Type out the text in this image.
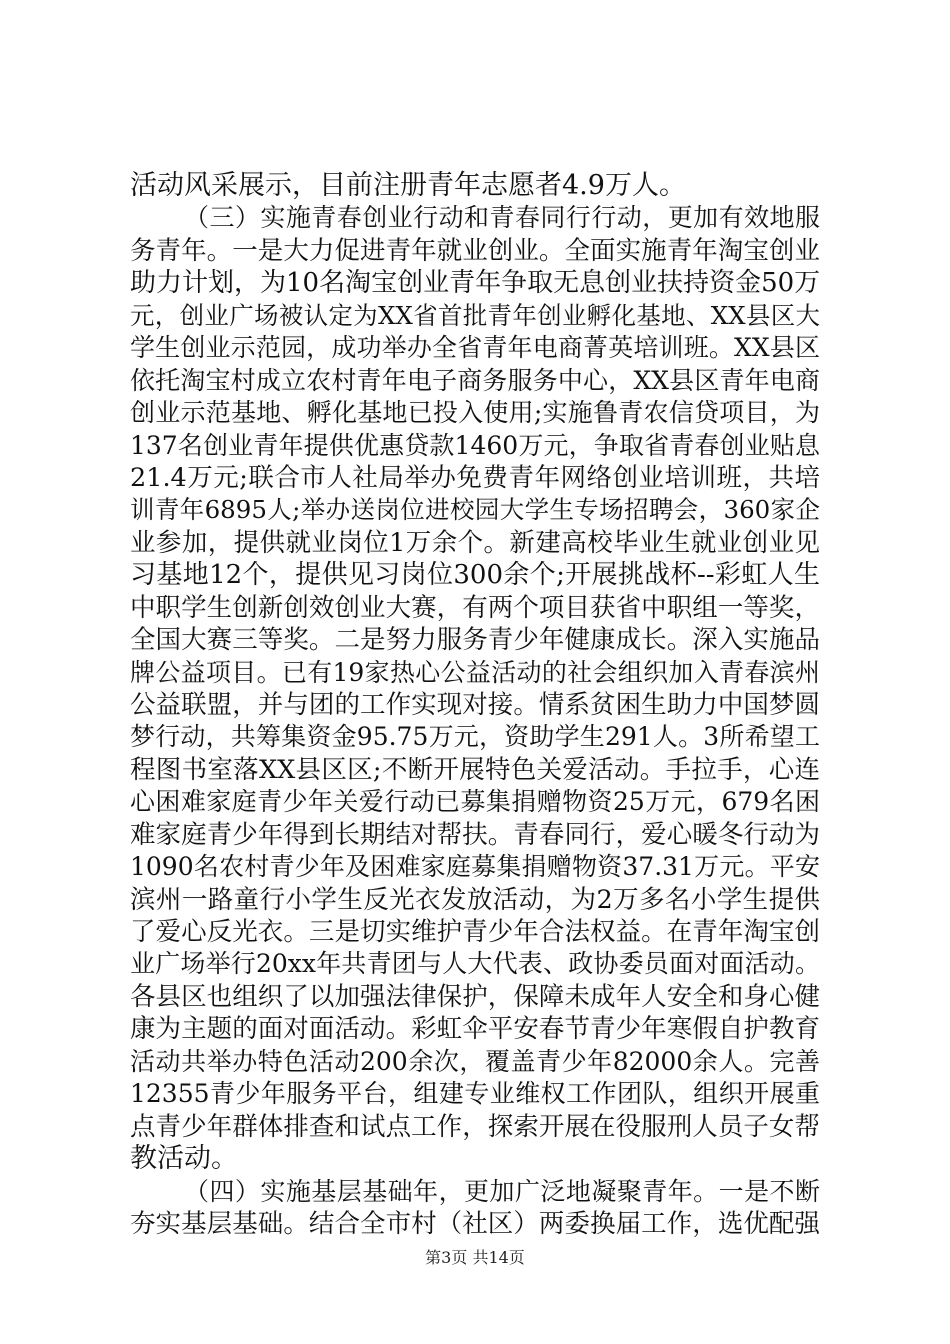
活动风采展示，目前注册青年志愿者4.9万人。
（三）实施青春创业行动和青春同行行动，更加有效地服
务青年。一是大力促进青年就业创业。全面实施青年淘宝创业
助力计划，为10名淘宝创业青年争取无息创业扶持资金50万
元，创业广场被认定为XX省首批青年创业孵化基地、XX县区大
学生创业示范园，成功举办全省青年电商菁英培训班。XX县区
依托淘宝村成立农村青年电子商务服务中心，XX县区青年电商
创业示范基地、孵化基地已投入使用;实施鲁青农信贷项目，为
137名创业青年提供优惠贷款1460万元，争取省青春创业贴息
21.4万元;联合市人社局举办免费青年网络创业培训班，共培
训青年6895人;举办送岗位进校园大学生专场招聘会，360家企
业参加，提供就业岗位1万余个。新建高校毕业生就业创业见
习基地12个，提供见习岗位300余个;开展挑战杯--彩虹人生
中职学生创新创效创业大赛，有两个项目获省中职组一等奖，
全国大赛三等奖。二是努力服务青少年健康成长。深入实施品
牌公益项目。已有19家热心公益活动的社会组织加入青春滨州
公益联盟，并与团的工作实现对接。情系贫困生助力中国梦圆
梦行动，共筹集资金95.75万元，资助学生291人。3所希望工
程图书室落XX县区区;不断开展特色关爱活动。手拉手，心连
心困难家庭青少年关爱行动已募集捐赠物资25万元，679名困
难家庭青少年得到长期结对帮扶。青春同行，爱心暖冬行动为
1090名农村青少年及困难家庭募集捐赠物资37.31万元。平安
滨州一路童行小学生反光衣发放活动，为2万多名小学生提供
了爱心反光衣。三是切实维护青少年合法权益。在青年淘宝创
业广场举行20xx年共青团与人大代表、政协委员面对面活动。
各县区也组织了以加强法律保护，保障未成年人安全和身心健
康为主题的面对面活动。彩虹伞平安春节青少年寒假自护教育
活动共举办特色活动200余次，覆盖青少年82000余人。完善
12355青少年服务平台，组建专业维权工作团队，组织开展重
点青少年群体排查和试点工作，探索开展在役服刑人员子女帮
教活动。
（四）实施基层基础年，更加广泛地凝聚青年。一是不断
夯实基层基础。结合全市村（社区）两委换届工作，选优配强
第3页 共14页
